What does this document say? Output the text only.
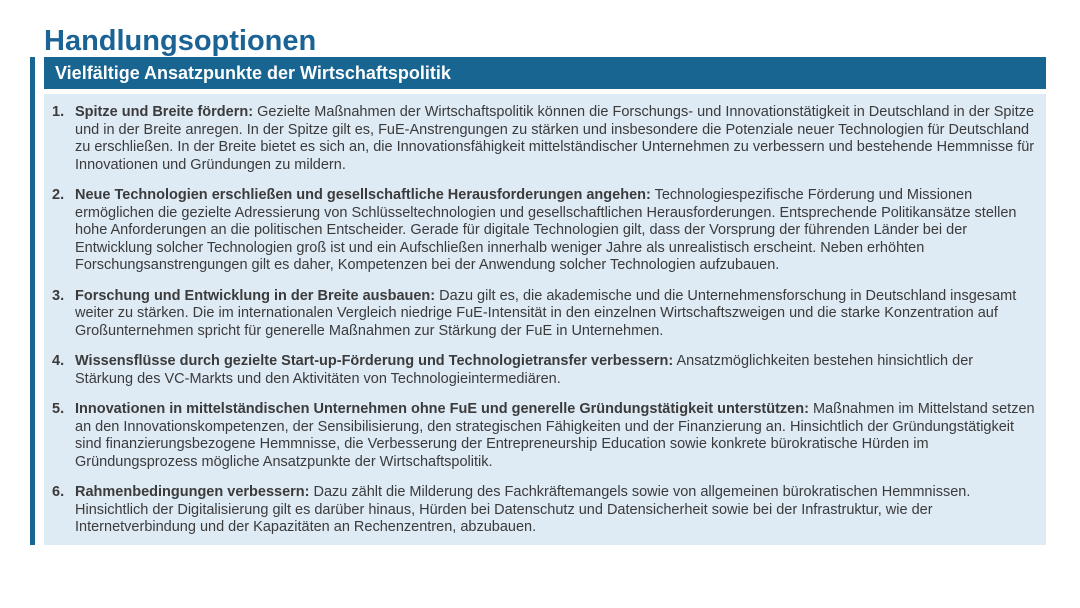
Handlungsoptionen
Vielfältige Ansatzpunkte der Wirtschaftspolitik
1. Spitze und Breite fördern: Gezielte Maßnahmen der Wirtschaftspolitik können die Forschungs- und Innovationstätigkeit in Deutschland in der Spitze und in der Breite anregen. In der Spitze gilt es, FuE-Anstrengungen zu stärken und insbesondere die Potenziale neuer Technologien für Deutschland zu erschließen. In der Breite bietet es sich an, die Innovationsfähigkeit mittelständischer Unternehmen zu verbessern und bestehende Hemmnisse für Innovationen und Gründungen zu mildern.
2. Neue Technologien erschließen und gesellschaftliche Herausforderungen angehen: Technologiespezifische Förderung und Missionen ermöglichen die gezielte Adressierung von Schlüsseltechnologien und gesellschaftlichen Herausforderungen. Entsprechende Politikansätze stellen hohe Anforderungen an die politischen Entscheider. Gerade für digitale Technologien gilt, dass der Vorsprung der führenden Länder bei der Entwicklung solcher Technologien groß ist und ein Aufschließen innerhalb weniger Jahre als unrealistisch erscheint. Neben erhöhten Forschungsanstrengungen gilt es daher, Kompetenzen bei der Anwendung solcher Technologien aufzubauen.
3. Forschung und Entwicklung in der Breite ausbauen: Dazu gilt es, die akademische und die Unternehmensforschung in Deutschland insgesamt weiter zu stärken. Die im internationalen Vergleich niedrige FuE-Intensität in den einzelnen Wirtschaftszweigen und die starke Konzentration auf Großunternehmen spricht für generelle Maßnahmen zur Stärkung der FuE in Unternehmen.
4. Wissensflüsse durch gezielte Start-up-Förderung und Technologietransfer verbessern: Ansatzmöglichkeiten bestehen hinsichtlich der Stärkung des VC-Markts und den Aktivitäten von Technologieintermediären.
5. Innovationen in mittelständischen Unternehmen ohne FuE und generelle Gründungstätigkeit unterstützen: Maßnahmen im Mittelstand setzen an den Innovationskompetenzen, der Sensibilisierung, den strategischen Fähigkeiten und der Finanzierung an. Hinsichtlich der Gründungstätigkeit sind finanzierungsbezogene Hemmnisse, die Verbesserung der Entrepreneurship Education sowie konkrete bürokratische Hürden im Gründungsprozess mögliche Ansatzpunkte der Wirtschaftspolitik.
6. Rahmenbedingungen verbessern: Dazu zählt die Milderung des Fachkräftemangels sowie von allgemeinen bürokratischen Hemmnissen. Hinsichtlich der Digitalisierung gilt es darüber hinaus, Hürden bei Datenschutz und Datensicherheit sowie bei der Infrastruktur, wie der Internetverbindung und der Kapazitäten an Rechenzentren, abzubauen.
